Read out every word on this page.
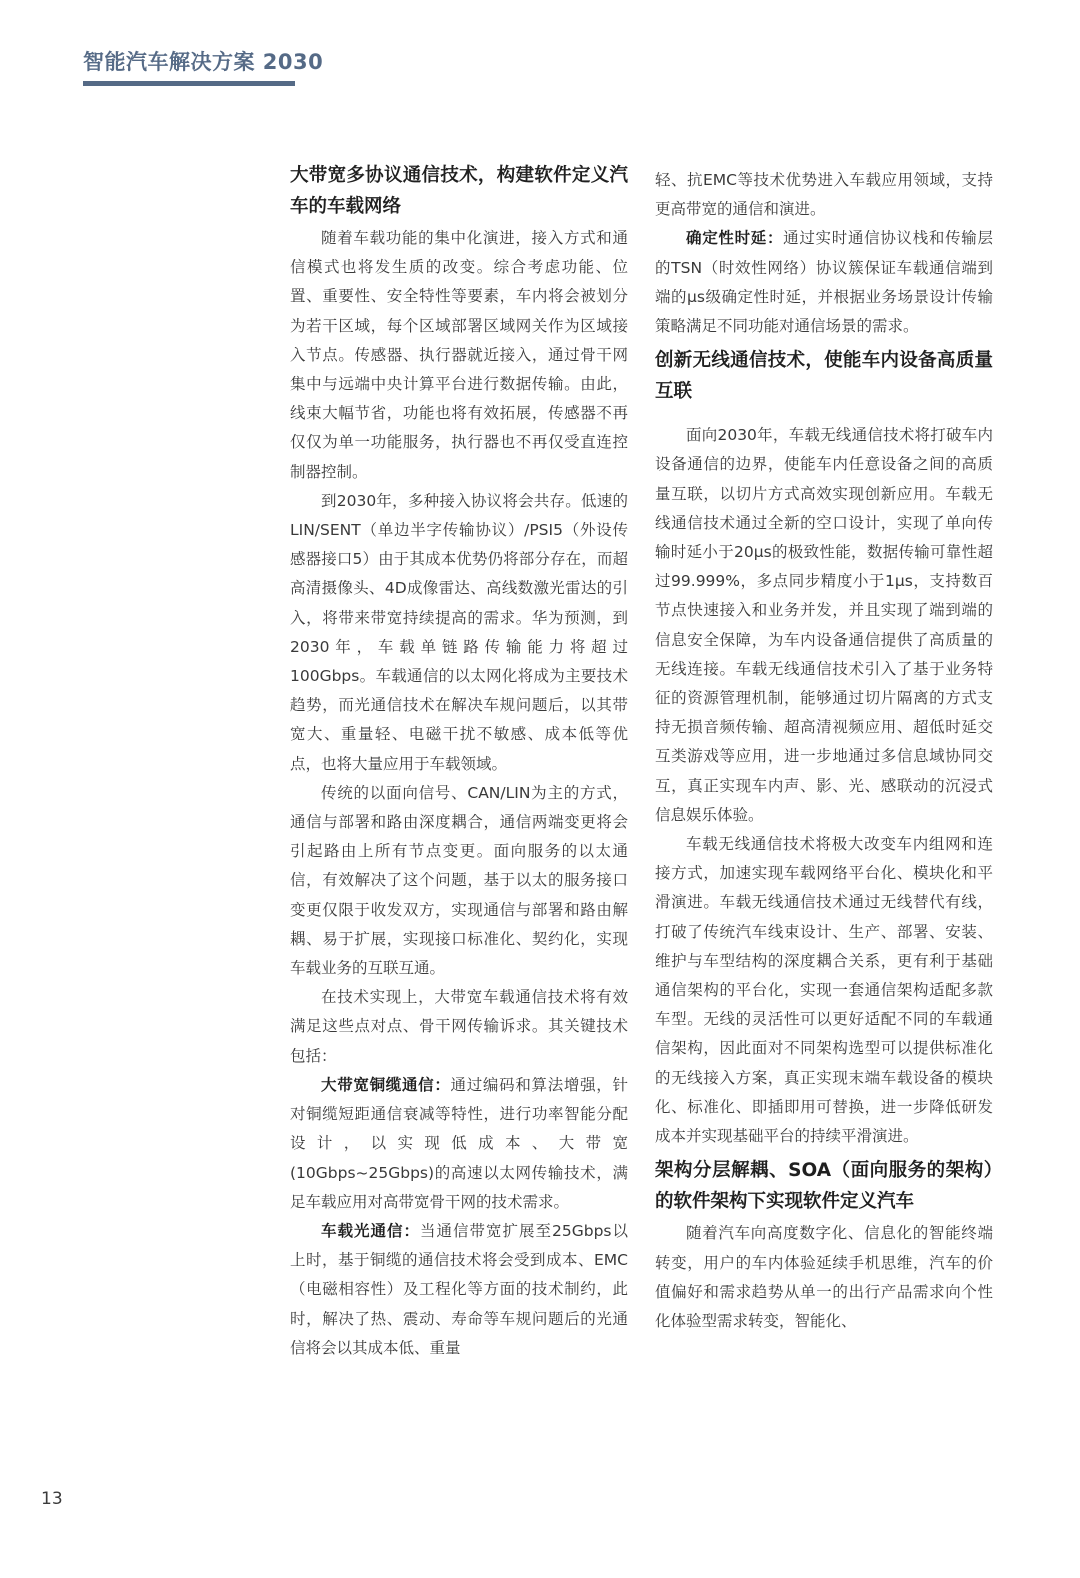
智能汽车解决方案 2030
大带宽多协议通信技术，构建软件定义汽车的车载网络

随着车载功能的集中化演进，接入方式和通信模式也将发生质的改变。综合考虑功能、位置、重要性、安全特性等要素，车内将会被划分为若干区域，每个区域部署区域网关作为区域接入节点。传感器、执行器就近接入，通过骨干网集中与远端中央计算平台进行数据传输。由此，线束大幅节省，功能也将有效拓展，传感器不再仅仅为单一功能服务，执行器也不再仅受直连控制器控制。

到2030年，多种接入协议将会共存。低速的LIN/SENT（单边半字传输协议）/PSI5（外设传感器接口5）由于其成本优势仍将部分存在，而超高清摄像头、4D成像雷达、高线数激光雷达的引入，将带来带宽持续提高的需求。华为预测，到2030年，车载单链路传输能力将超过100Gbps。车载通信的以太网化将成为主要技术趋势，而光通信技术在解决车规问题后，以其带宽大、重量轻、电磁干扰不敏感、成本低等优点，也将大量应用于车载领域。

传统的以面向信号、CAN/LIN为主的方式，通信与部署和路由深度耦合，通信两端变更将会引起路由上所有节点变更。面向服务的以太通信，有效解决了这个问题，基于以太的服务接口变更仅限于收发双方，实现通信与部署和路由解耦、易于扩展，实现接口标准化、契约化，实现车载业务的互联互通。

在技术实现上，大带宽车载通信技术将有效满足这些点对点、骨干网传输诉求。其关键技术包括：

大带宽铜缆通信：通过编码和算法增强，针对铜缆短距通信衰减等特性，进行功率智能分配设计，以实现低成本、大带宽(10Gbps~25Gbps)的高速以太网传输技术，满足车载应用对高带宽骨干网的技术需求。

车载光通信：当通信带宽扩展至25Gbps以上时，基于铜缆的通信技术将会受到成本、EMC（电磁相容性）及工程化等方面的技术制约，此时，解决了热、震动、寿命等车规问题后的光通信将会以其成本低、重量

轻、抗EMC等技术优势进入车载应用领域，支持更高带宽的通信和演进。

确定性时延：通过实时通信协议栈和传输层的TSN（时效性网络）协议簇保证车载通信端到端的μs级确定性时延，并根据业务场景设计传输策略满足不同功能对通信场景的需求。

创新无线通信技术，使能车内设备高质量互联

面向2030年，车载无线通信技术将打破车内设备通信的边界，使能车内任意设备之间的高质量互联，以切片方式高效实现创新应用。车载无线通信技术通过全新的空口设计，实现了单向传输时延小于20μs的极致性能，数据传输可靠性超过99.999%，多点同步精度小于1μs，支持数百节点快速接入和业务并发，并且实现了端到端的信息安全保障，为车内设备通信提供了高质量的无线连接。车载无线通信技术引入了基于业务特征的资源管理机制，能够通过切片隔离的方式支持无损音频传输、超高清视频应用、超低时延交互类游戏等应用，进一步地通过多信息域协同交互，真正实现车内声、影、光、感联动的沉浸式信息娱乐体验。

车载无线通信技术将极大改变车内组网和连接方式，加速实现车载网络平台化、模块化和平滑演进。车载无线通信技术通过无线替代有线，打破了传统汽车线束设计、生产、部署、安装、维护与车型结构的深度耦合关系，更有利于基础通信架构的平台化，实现一套通信架构适配多款车型。无线的灵活性可以更好适配不同的车载通信架构，因此面对不同架构选型可以提供标准化的无线接入方案，真正实现末端车载设备的模块化、标准化、即插即用可替换，进一步降低研发成本并实现基础平台的持续平滑演进。

架构分层解耦、SOA（面向服务的架构）的软件架构下实现软件定义汽车

随着汽车向高度数字化、信息化的智能终端转变，用户的车内体验延续手机思维，汽车的价值偏好和需求趋势从单一的出行产品需求向个性化体验型需求转变，智能化、

13
